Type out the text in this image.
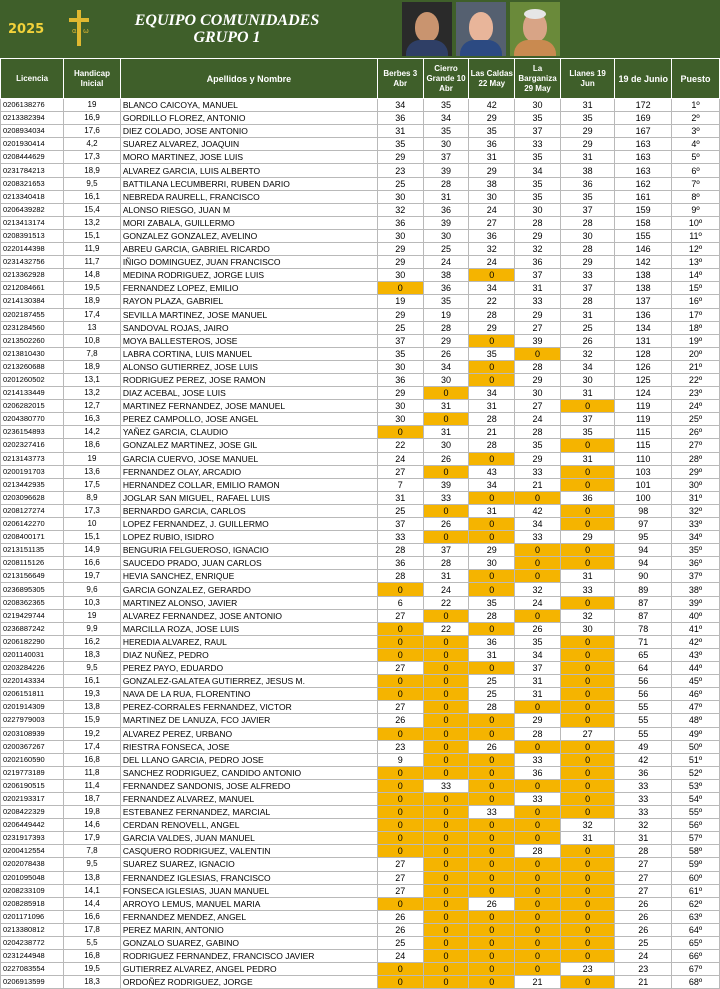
2025	α ω
EQUIPO COMUNIDADES
GRUPO 1
Licencia	Handicap Inicial	Apellidos y Nombre	Berbes 3 Abr	Cierro Grande 10 Abr	Las Caldas 22 May	La Barganiza 29 May	Llanes 19 Jun	19 de Junio	Puesto
0206138276	19	BLANCO CAICOYA, MANUEL	34	35	42	30	31	172	1º
0213382394	16,9	GORDILLO FLOREZ, ANTONIO	36	34	29	35	35	169	2º
0208934034	17,6	DIEZ COLADO, JOSE ANTONIO	31	35	35	37	29	167	3º
0201930414	4,2	SUAREZ ALVAREZ, JOAQUIN	35	30	36	33	29	163	4º
0208444629	17,3	MORO MARTINEZ, JOSE LUIS	29	37	31	35	31	163	5º
0231784213	18,9	ALVAREZ GARCIA, LUIS ALBERTO	23	39	29	34	38	163	6º
0208321653	9,5	BATTILANA LECUMBERRI, RUBEN DARIO	25	28	38	35	36	162	7º
0213340418	16,1	NEBREDA RAURELL, FRANCISCO	30	31	30	35	35	161	8º
0206439282	15,4	ALONSO RIESGO, JUAN M	32	36	24	30	37	159	9º
0213413174	13,2	MORI ZABALA, GUILLERMO	36	39	27	28	28	158	10º
0208391513	15,1	GONZALEZ GONZALEZ, AVELINO	30	30	36	29	30	155	11º
0220144398	11,9	ABREU GARCIA, GABRIEL RICARDO	29	25	32	32	28	146	12º
0231432756	11,7	IÑIGO DOMINGUEZ, JUAN FRANCISCO	29	24	24	36	29	142	13º
0213362928	14,8	MEDINA RODRIGUEZ, JORGE LUIS	30	38	0	37	33	138	14º
0212084661	19,5	FERNANDEZ LOPEZ, EMILIO	0	36	34	31	37	138	15º
0214130384	18,9	RAYON PLAZA, GABRIEL	19	35	22	33	28	137	16º
0202187455	17,4	SEVILLA MARTINEZ, JOSE MANUEL	29	19	28	29	31	136	17º
0231284560	13	SANDOVAL ROJAS, JAIRO	25	28	29	27	25	134	18º
0213502260	10,8	MOYA BALLESTEROS, JOSE	37	29	0	39	26	131	19º
0213810430	7,8	LABRA CORTINA, LUIS MANUEL	35	26	35	0	32	128	20º
0213260688	18,9	ALONSO GUTIERREZ, JOSE LUIS	30	34	0	28	34	126	21º
0201260502	13,1	RODRIGUEZ PEREZ, JOSE RAMON	36	30	0	29	30	125	22º
0214133449	13,2	DIAZ ACEBAL, JOSE LUIS	29	0	34	30	31	124	23º
0206282015	12,7	MARTINEZ FERNANDEZ, JOSE MANUEL	30	31	31	27	0	119	24º
0204380770	16,3	PEREZ CAMPOLLO, JOSE ANGEL	30	0	28	24	37	119	25º
0236154893	14,2	YAÑEZ GARCIA, CLAUDIO	0	31	21	28	35	115	26º
0202327416	18,6	GONZALEZ MARTINEZ, JOSE GIL	22	30	28	35	0	115	27º
0213143773	19	GARCIA CUERVO, JOSE MANUEL	24	26	0	29	31	110	28º
0200191703	13,6	FERNANDEZ OLAY, ARCADIO	27	0	43	33	0	103	29º
0213442935	17,5	HERNANDEZ COLLAR, EMILIO RAMON	7	39	34	21	0	101	30º
0203096628	8,9	JOGLAR SAN MIGUEL, RAFAEL LUIS	31	33	0	0	36	100	31º
0208127274	17,3	BERNARDO GARCIA, CARLOS	25	0	31	42	0	98	32º
0206142270	10	LOPEZ FERNANDEZ, J. GUILLERMO	37	26	0	34	0	97	33º
0208400171	15,1	LOPEZ RUBIO, ISIDRO	33	0	0	33	29	95	34º
0213151135	14,9	BENGURIA FELGUEROSO, IGNACIO	28	37	29	0	0	94	35º
0208115126	16,6	SAUCEDO PRADO, JUAN CARLOS	36	28	30	0	0	94	36º
0213156649	19,7	HEVIA SANCHEZ, ENRIQUE	28	31	0	0	31	90	37º
0236895305	9,6	GARCIA GONZALEZ, GERARDO	0	24	0	32	33	89	38º
0208362365	10,3	MARTINEZ ALONSO, JAVIER	6	22	35	24	0	87	39º
0219429744	19	ALVAREZ FERNANDEZ, JOSE ANTONIO	27	0	28	0	32	87	40º
0236887242	9,9	MARCILLA ROZA, JOSE LUIS	0	22	0	26	30	78	41º
0206182290	16,2	HEREDIA ALVAREZ, RAUL	0	0	36	35	0	71	42º
0201140031	18,3	DIAZ NUÑEZ, PEDRO	0	0	31	34	0	65	43º
0203284226	9,5	PEREZ PAYO, EDUARDO	27	0	0	37	0	64	44º
0220143334	16,1	GONZALEZ-GALATEA GUTIERREZ, JESUS M.	0	0	25	31	0	56	45º
0206151811	19,3	NAVA DE LA RUA, FLORENTINO	0	0	25	31	0	56	46º
0201914309	13,8	PEREZ-CORRALES FERNANDEZ, VICTOR	27	0	28	0	0	55	47º
0227979003	15,9	MARTINEZ DE LANUZA, FCO JAVIER	26	0	0	29	0	55	48º
0203108939	19,2	ALVAREZ PEREZ, URBANO	0	0	0	28	27	55	49º
0200367267	17,4	RIESTRA FONSECA, JOSE	23	0	26	0	0	49	50º
0202160590	16,8	DEL LLANO GARCIA, PEDRO JOSE	9	0	0	33	0	42	51º
0219773189	11,8	SANCHEZ RODRIGUEZ, CANDIDO ANTONIO	0	0	0	36	0	36	52º
0206190515	11,4	FERNANDEZ SANDONIS, JOSE ALFREDO	0	33	0	0	0	33	53º
0202193317	18,7	FERNANDEZ ALVAREZ, MANUEL	0	0	0	33	0	33	54º
0208422329	19,8	ESTEBANEZ FERNANDEZ, MARCIAL	0	0	33	0	0	33	55º
0206449442	14,6	CERDAN RENOVELL, ANGEL	0	0	0	0	32	32	56º
0231917393	17,9	GARCIA VALDES, JUAN MANUEL	0	0	0	0	31	31	57º
0200412554	7,8	CASQUERO RODRIGUEZ, VALENTIN	0	0	0	28	0	28	58º
0202078438	9,5	SUAREZ SUAREZ, IGNACIO	27	0	0	0	0	27	59º
0201095048	13,8	FERNANDEZ IGLESIAS, FRANCISCO	27	0	0	0	0	27	60º
0208233109	14,1	FONSECA IGLESIAS, JUAN MANUEL	27	0	0	0	0	27	61º
0208285918	14,4	ARROYO LEMUS, MANUEL MARIA	0	0	26	0	0	26	62º
0201171096	16,6	FERNANDEZ MENDEZ, ANGEL	26	0	0	0	0	26	63º
0213380812	17,8	PEREZ MARIN, ANTONIO	26	0	0	0	0	26	64º
0204238772	5,5	GONZALO SUAREZ, GABINO	25	0	0	0	0	25	65º
0231244948	16,8	RODRIGUEZ FERNANDEZ, FRANCISCO JAVIER	24	0	0	0	0	24	66º
0227083554	19,5	GUTIERREZ ALVAREZ, ANGEL PEDRO	0	0	0	0	23	23	67º
0206913599	18,3	ORDOÑEZ RODRIGUEZ, JORGE	0	0	0	21	0	21	68º
